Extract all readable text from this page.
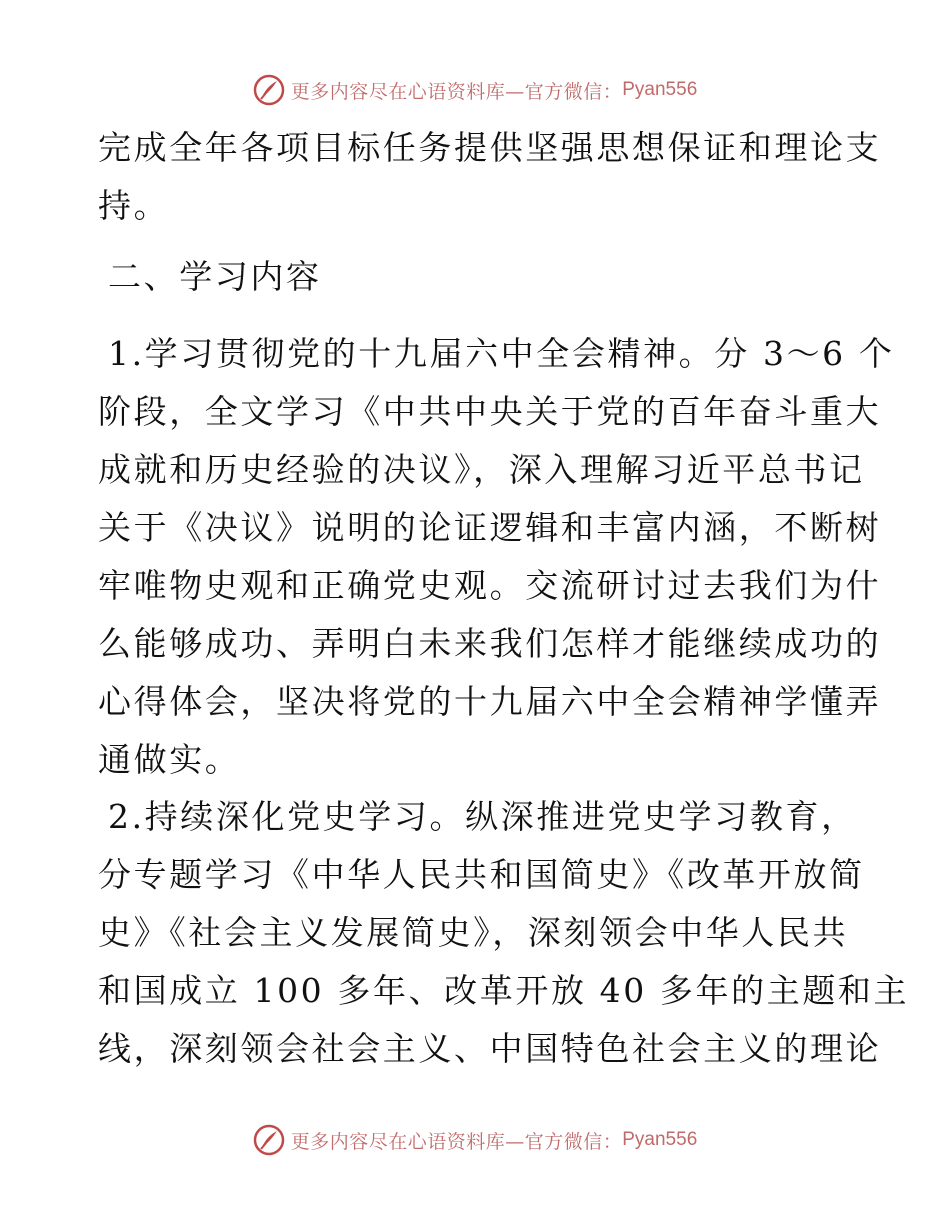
更多内容尽在心语资料库—官方微信： Pyan556
完成全年各项目标任务提供坚强思想保证和理论支
持。
二、学习内容
1.学习贯彻党的十九届六中全会精神。分 3～6 个
阶段，全文学习《中共中央关于党的百年奋斗重大
成就和历史经验的决议》，深入理解习近平总书记
关于《决议》说明的论证逻辑和丰富内涵，不断树
牢唯物史观和正确党史观。交流研讨过去我们为什
么能够成功、弄明白未来我们怎样才能继续成功的
心得体会，坚决将党的十九届六中全会精神学懂弄
通做实。
2.持续深化党史学习。纵深推进党史学习教育，
分专题学习《中华人民共和国简史》《改革开放简
史》《社会主义发展简史》，深刻领会中华人民共
和国成立 100 多年、改革开放 40 多年的主题和主
线，深刻领会社会主义、中国特色社会主义的理论
更多内容尽在心语资料库—官方微信： Pyan556
